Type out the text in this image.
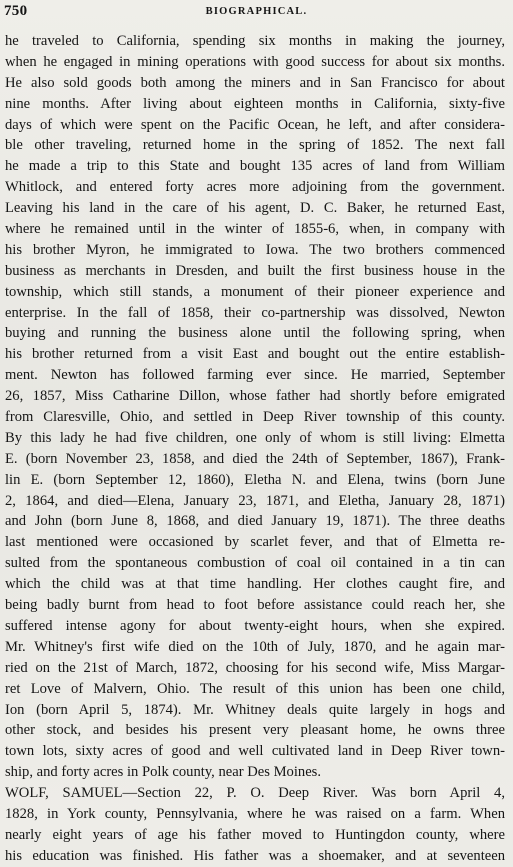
750	BIOGRAPHICAL.
he traveled to California, spending six months in making the journey,
when he engaged in mining operations with good success for about six months.
He also sold goods both among the miners and in San Francisco for about
nine months. After living about eighteen months in California, sixty-five
days of which were spent on the Pacific Ocean, he left, and after considera-
ble other traveling, returned home in the spring of 1852. The next fall
he made a trip to this State and bought 135 acres of land from William
Whitlock, and entered forty acres more adjoining from the government.
Leaving his land in the care of his agent, D. C. Baker, he returned East,
where he remained until in the winter of 1855-6, when, in company with
his brother Myron, he immigrated to Iowa. The two brothers commenced
business as merchants in Dresden, and built the first business house in the
township, which still stands, a monument of their pioneer experience and
enterprise. In the fall of 1858, their co-partnership was dissolved, Newton
buying and running the business alone until the following spring, when
his brother returned from a visit East and bought out the entire establish-
ment. Newton has followed farming ever since. He married, September
26, 1857, Miss Catharine Dillon, whose father had shortly before emigrated
from Claresville, Ohio, and settled in Deep River township of this county.
By this lady he had five children, one only of whom is still living: Elmetta
E. (born November 23, 1858, and died the 24th of September, 1867), Frank-
lin E. (born September 12, 1860), Eletha N. and Elena, twins (born June
2, 1864, and died—Elena, January 23, 1871, and Eletha, January 28, 1871)
and John (born June 8, 1868, and died January 19, 1871). The three deaths
last mentioned were occasioned by scarlet fever, and that of Elmetta re-
sulted from the spontaneous combustion of coal oil contained in a tin can
which the child was at that time handling. Her clothes caught fire, and
being badly burnt from head to foot before assistance could reach her, she
suffered intense agony for about twenty-eight hours, when she expired.
Mr. Whitney's first wife died on the 10th of July, 1870, and he again mar-
ried on the 21st of March, 1872, choosing for his second wife, Miss Margar-
ret Love of Malvern, Ohio. The result of this union has been one child,
Ion (born April 5, 1874). Mr. Whitney deals quite largely in hogs and
other stock, and besides his present very pleasant home, he owns three
town lots, sixty acres of good and well cultivated land in Deep River town-
ship, and forty acres in Polk county, near Des Moines.
WOLF, SAMUEL—Section 22, P. O. Deep River. Was born April 4,
1828, in York county, Pennsylvania, where he was raised on a farm. When
nearly eight years of age his father moved to Huntingdon county, where
his education was finished. His father was a shoemaker, and at seventeen
